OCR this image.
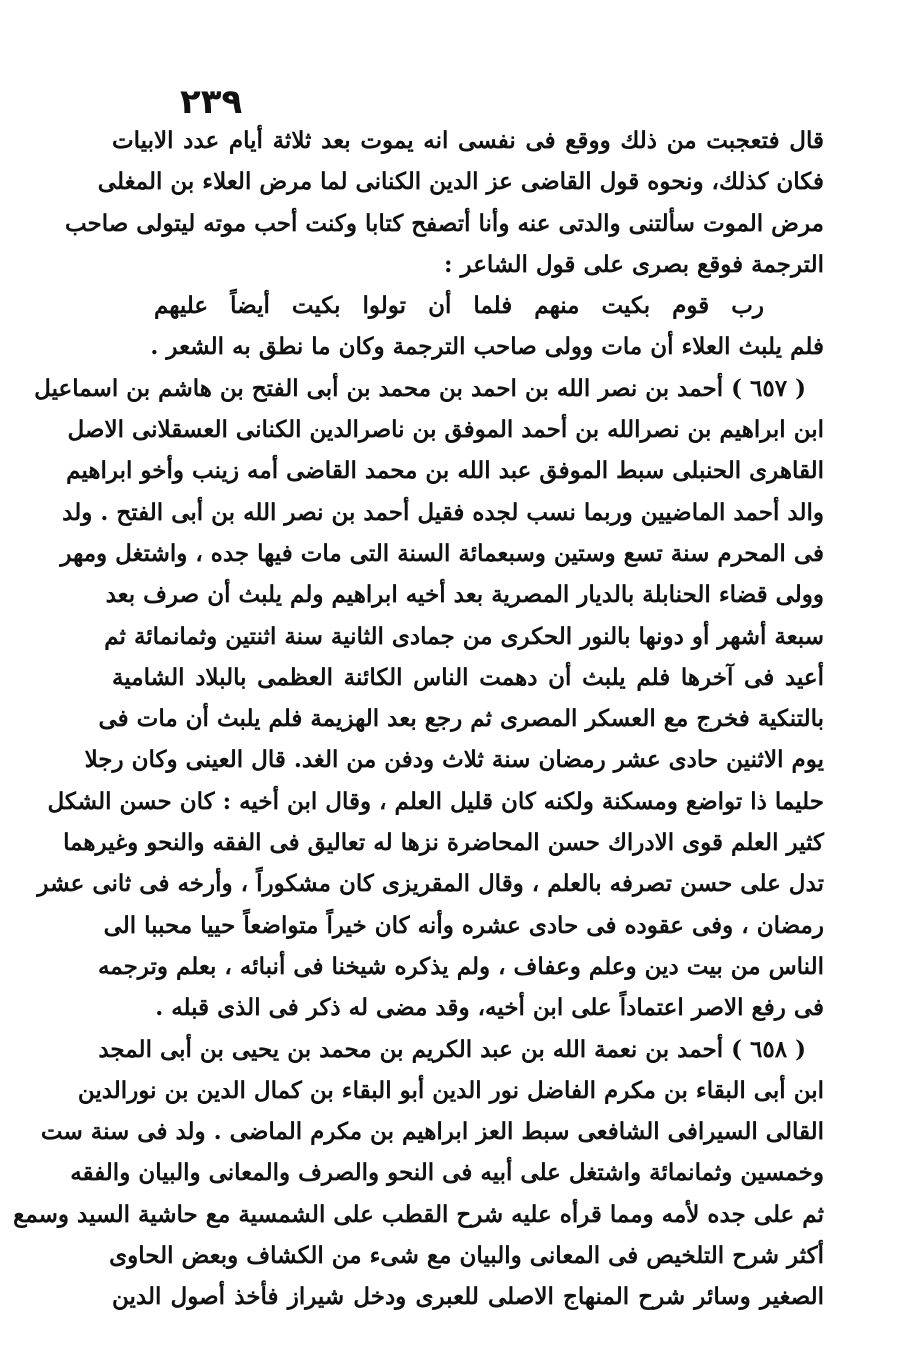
٢٣٩
قال فتعجبت من ذلك ووقع فى نفسى انه يموت بعد ثلاثة أيام عدد الابيات
فكان كذلك، ونحوه قول القاضى عز الدين الكنانى لما مرض العلاء بن المغلى
مرض الموت سألتنى والدتى عنه وأنا أتصفح كتابا وكنت أحب موته ليتولى صاحب
الترجمة فوقع بصرى على قول الشاعر :
رب قوم بكيت منهم فلما أن تولوا بكيت أيضاً عليهم
فلم يلبث العلاء أن مات وولى صاحب الترجمة وكان ما نطق به الشعر .
( ٦٥٧ ) أحمد بن نصر الله بن احمد بن محمد بن أبى الفتح بن هاشم بن اسماعيل
ابن ابراهيم بن نصرالله بن أحمد الموفق بن ناصرالدين الكنانى العسقلانى الاصل
القاهرى الحنبلى سبط الموفق عبد الله بن محمد القاضى أمه زينب وأخو ابراهيم
والد أحمد الماضيين وربما نسب لجده فقيل أحمد بن نصر الله بن أبى الفتح . ولد
فى المحرم سنة تسع وستين وسبعمائة السنة التى مات فيها جده ، واشتغل ومهر
وولى قضاء الحنابلة بالديار المصرية بعد أخيه ابراهيم ولم يلبث أن صرف بعد
سبعة أشهر أو دونها بالنور الحكرى من جمادى الثانية سنة اثنتين وثمانمائة ثم
أعيد فى آخرها فلم يلبث أن دهمت الناس الكائنة العظمى بالبلاد الشامية
بالتنكية فخرج مع العسكر المصرى ثم رجع بعد الهزيمة فلم يلبث أن مات فى
يوم الاثنين حادى عشر رمضان سنة ثلاث ودفن من الغد. قال العينى وكان رجلا
حليما ذا تواضع ومسكنة ولكنه كان قليل العلم ، وقال ابن أخيه : كان حسن الشكل
كثير العلم قوى الادراك حسن المحاضرة نزها له تعاليق فى الفقه والنحو وغيرهما
تدل على حسن تصرفه بالعلم ، وقال المقريزى كان مشكوراً ، وأرخه فى ثانى عشر
رمضان ، وفى عقوده فى حادى عشره وأنه كان خيراً متواضعاً حييا محببا الى
الناس من بيت دين وعلم وعفاف ، ولم يذكره شيخنا فى أنبائه ، بعلم وترجمه
فى رفع الاصر اعتماداً على ابن أخيه، وقد مضى له ذكر فى الذى قبله .
( ٦٥٨ ) أحمد بن نعمة الله بن عبد الكريم بن محمد بن يحيى بن أبى المجد
ابن أبى البقاء بن مكرم الفاضل نور الدين أبو البقاء بن كمال الدين بن نورالدين
القالى السيرافى الشافعى سبط العز ابراهيم بن مكرم الماضى . ولد فى سنة ست
وخمسين وثمانمائة واشتغل على أبيه فى النحو والصرف والمعانى والبيان والفقه
ثم على جده لأمه ومما قرأه عليه شرح القطب على الشمسية مع حاشية السيد وسمع
أكثر شرح التلخيص فى المعانى والبيان مع شىء من الكشاف وبعض الحاوى
الصغير وسائر شرح المنهاج الاصلى للعبرى ودخل شيراز فأخذ أصول الدين
